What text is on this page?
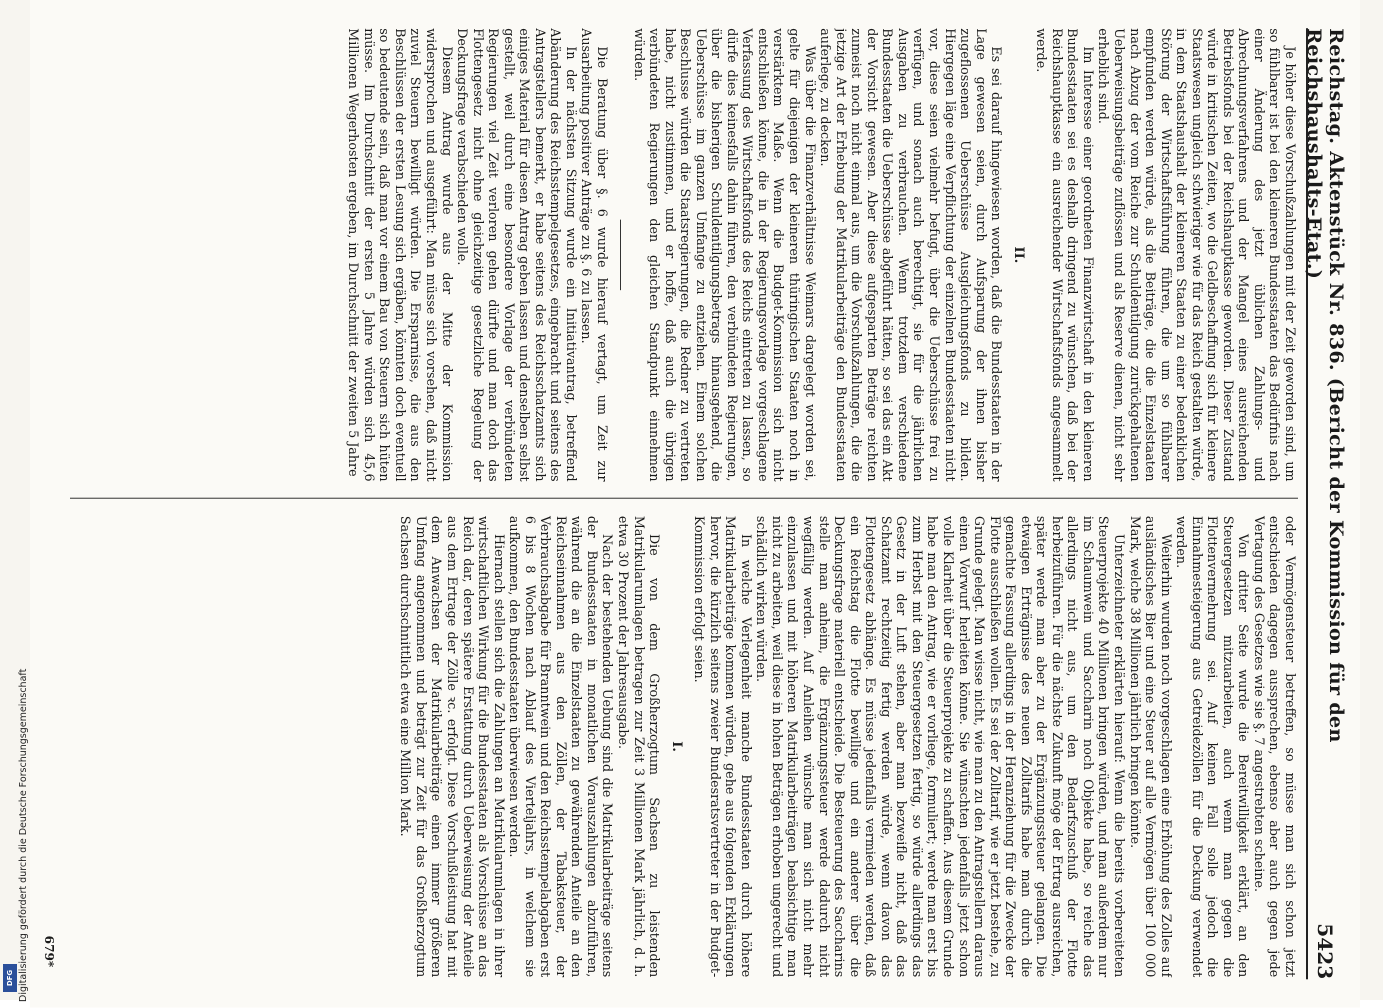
Digitalisierung gefördert durch die Deutsche Forschungsgemeinschaft
DFG
Reichstag. Aktenstück Nr. 836. (Bericht der Kommission für den Reichshaushalts-Etat.)
5423

oder Vermögensteuer betreffen, so müsse man sich schon jetzt entschieden dagegen aussprechen, ebenso aber auch gegen jede Vertagung des Gesetzes wie sie §. 7 angestrebten scheine.

Von dritter Seite wurde die Bereitwilligkeit erklärt, an den Steuergesetzen mitzuarbeiten, auch wenn man gegen die Flottenvermehrung sei. Auf keinen Fall solle jedoch die Einnahmesteigerung aus Getreidezöllen für die Deckung verwendet werden.

Weiterhin wurden noch vorgeschlagen eine Erhöhung des Zolles auf ausländisches Bier und eine Steuer auf alle Vermögen über 100 000 Mark, welche 38 Millionen jährlich bringen könnte.

Unterzeichneter erklärten hierauf: Wenn die bereits vorbereiteten Steuerprojekte 40 Millionen bringen würden, und man außerdem nur im Schaumwein und Saccharin noch Objekte habe, so reiche das allerdings nicht aus, um den Bedarfszuschuß der Flotte herbeizuführen. Für die nächste Zukunft möge der Ertrag ausreichen, später werde man aber zu der Ergänzungssteuer gelangen. Die etwaigen Erträgnisse des neuen Zolltarifs habe man durch die gemachte Fassung allerdings in der Heranziehung für die Zwecke der Flotte ausschließen wollen. Es sei der Zolltarif, wie er jetzt bestehe, zu Grunde gelegt. Man wisse nicht, wie man zu den Antragstellern daraus einen Vorwurf herleiten könne. Sie wünschten jedenfalls jetzt schon volle Klarheit über die Steuerprojekte zu schaffen. Aus diesem Grunde habe man den Antrag, wie er vorliege, formuliert; werde man erst bis zum Herbst mit den Steuergesetzen fertig, so würde allerdings das Gesetz in der Luft stehen, aber man bezweifle nicht, daß das Schatzamt rechtzeitig fertig werden würde, wenn davon das Flottengesetz abhänge. Es müsse jedenfalls vermieden werden, daß ein Reichstag die Flotte bewillige und ein anderer über die Deckungsfrage materiell entscheide. Die Besteuerung des Saccharins stelle man anheim, die Ergänzungssteuer werde dadurch nicht wegfällig werden. Auf Anleihen wünsche man sich nicht mehr einzulassen und mit höheren Matrikularbeiträgen beabsichtige man nicht zu arbeiten, weil diese in hohen Beträgen erhoben ungerecht und schädlich wirken würden.

In welche Verlegenheit manche Bundesstaaten durch höhere Matrikularbeiträge kommen würden, gehe aus folgenden Erklärungen hervor, die kürzlich seitens zweier Bundesratsvertreter in der Budget-Kommission erfolgt seien.

I.

Die von dem Großherzogtum Sachsen zu leistenden Matrikularumlagen betragen zur Zeit 3 Millionen Mark jährlich, d. h. etwa 30 Prozent der Jahresausgabe.

Nach der bestehenden Uebung sind die Matrikularbeiträge seitens der Bundesstaaten in monatlichen Vorauszahlungen abzuführen, während die an die Einzelstaaten zu gewährenden Anteile an den Reichseinnahmen aus den Zöllen, der Tabaksteuer, der Verbrauchsabgabe für Branntwein und den Reichsstempelabgaben erst 6 bis 8 Wochen nach Ablauf des Vierteljahrs, in welchem sie aufkommen, den Bundesstaaten überwiesen werden.

Hiernach stellen sich die Zahlungen an Matrikularumlagen in ihrer wirtschaftlichen Wirkung für die Bundesstaaten als Vorschüsse an das Reich dar, deren spätere Erstattung durch Ueberweisung der Anteile aus dem Ertrage der Zölle ꝛc. erfolgt. Diese Vorschußleistung hat mit dem Anwachsen der Matrikularbeiträge einen immer größeren Umfang angenommen und beträgt zur Zeit für das Großherzogtum Sachsen durchschnittlich etwa eine Million Mark.

Je höher diese Vorschußzahlungen mit der Zeit geworden sind, um so fühlbarer ist bei den kleineren Bundesstaaten das Bedürfnis nach einer Änderung des jetzt üblichen Zahlungs- und Abrechnungsverfahrens und der Mangel eines ausreichenden Betriebsfonds bei der Reichshauptkasse geworden. Dieser Zustand würde in kritischen Zeiten, wo die Geldbeschaffung sich für kleinere Staatswesen ungleich schwieriger wie für das Reich gestalten würde, in dem Staatshaushalt der kleineren Staaten zu einer bedenklichen Störung der Wirtschaftsführung führen, die um so fühlbarer empfunden werden würde, als die Beiträge, die die Einzelstaaten nach Abzug der vom Reiche zur Schuldentilgung zurückgehaltenen Ueberweisungsbeiträge zuflössen und als Reserve dienen, nicht sehr erheblich sind.

Im Interesse einer geordneten Finanzwirtschaft in den kleineren Bundesstaaten sei es deshalb dringend zu wünschen, daß bei der Reichshauptkasse ein ausreichender Wirtschaftsfonds angesammelt werde.

II.

Es sei darauf hingewiesen worden, daß die Bundesstaaten in der Lage gewesen seien, durch Aufsparung der ihnen bisher zugeflossenen Ueberschüsse Ausgleichungsfonds zu bilden. Hiergegen läge eine Verpflichtung der einzelnen Bundesstaaten nicht vor, diese seien vielmehr befugt, über die Ueberschüsse frei zu verfügen, und sonach auch berechtigt, sie für die jährlichen Ausgaben zu verbrauchen. Wenn trotzdem verschiedene Bundesstaaten die Ueberschüsse abgeführt hätten, so sei das ein Akt der Vorsicht gewesen. Aber diese aufgesparten Beträge reichten zumeist noch nicht einmal aus, um die Vorschußzahlungen, die die jetzige Art der Erhebung der Matrikularbeiträge den Bundesstaaten auferlege, zu decken.

Was über die Finanzverhältnisse Weimars dargelegt worden sei, gelte für diejenigen der kleineren thüringischen Staaten noch in verstärktem Maße. Wenn die Budget-Kommission sich nicht entschließen könne, die in der Regierungsvorlage vorgeschlagene Verfassung des Wirtschaftsfonds des Reichs eintreten zu lassen, so dürfe dies keinesfalls dahin führen, den verbündeten Regierungen, über die bisherigen Schuldentilgungsbetrags hinausgehend, die Ueberschüsse im ganzen Umfange zu entziehen. Einem solchen Beschlusse würden die Staatsregierungen, die Redner zu vertreten habe, nicht zustimmen, und er hoffe, daß auch die übrigen verbündeten Regierungen den gleichen Standpunkt einnehmen würden.

Die Beratung über §. 6 wurde hierauf vertagt, um Zeit zur Ausarbeitung positiver Anträge zu §. 6 zu lassen.

In der nächsten Sitzung wurde ein Initiativantrag, betreffend Abänderung des Reichsstempelgesetzes, eingebracht und seitens des Antragstellers bemerkt, er habe seitens des Reichsschatzamts sich einiges Material für diesen Antrag geben lassen und denselben selbst gestellt, weil durch eine besondere Vorlage der verbündeten Regierungen viel Zeit verloren gehen dürfte und man doch das Flottengesetz nicht ohne gleichzeitige gesetzliche Regelung der Deckungsfrage verabschieden wolle.

Diesem Antrag wurde aus der Mitte der Kommission widersprochen und ausgeführt: Man müsse sich vorsehen, daß nicht zuviel Steuern bewilligt würden. Die Ersparnisse, die aus den Beschlüssen der ersten Lesung sich ergäben, könnten doch eventuell so bedeutende sein, daß man vor einem Bau von Steuern sich hüten müsse. Im Durchschnitt der ersten 5 Jahre würden sich 45,6 Millionen Wegerhosten ergeben, im Durchschnitt der zweiten 5 Jahre

679*
